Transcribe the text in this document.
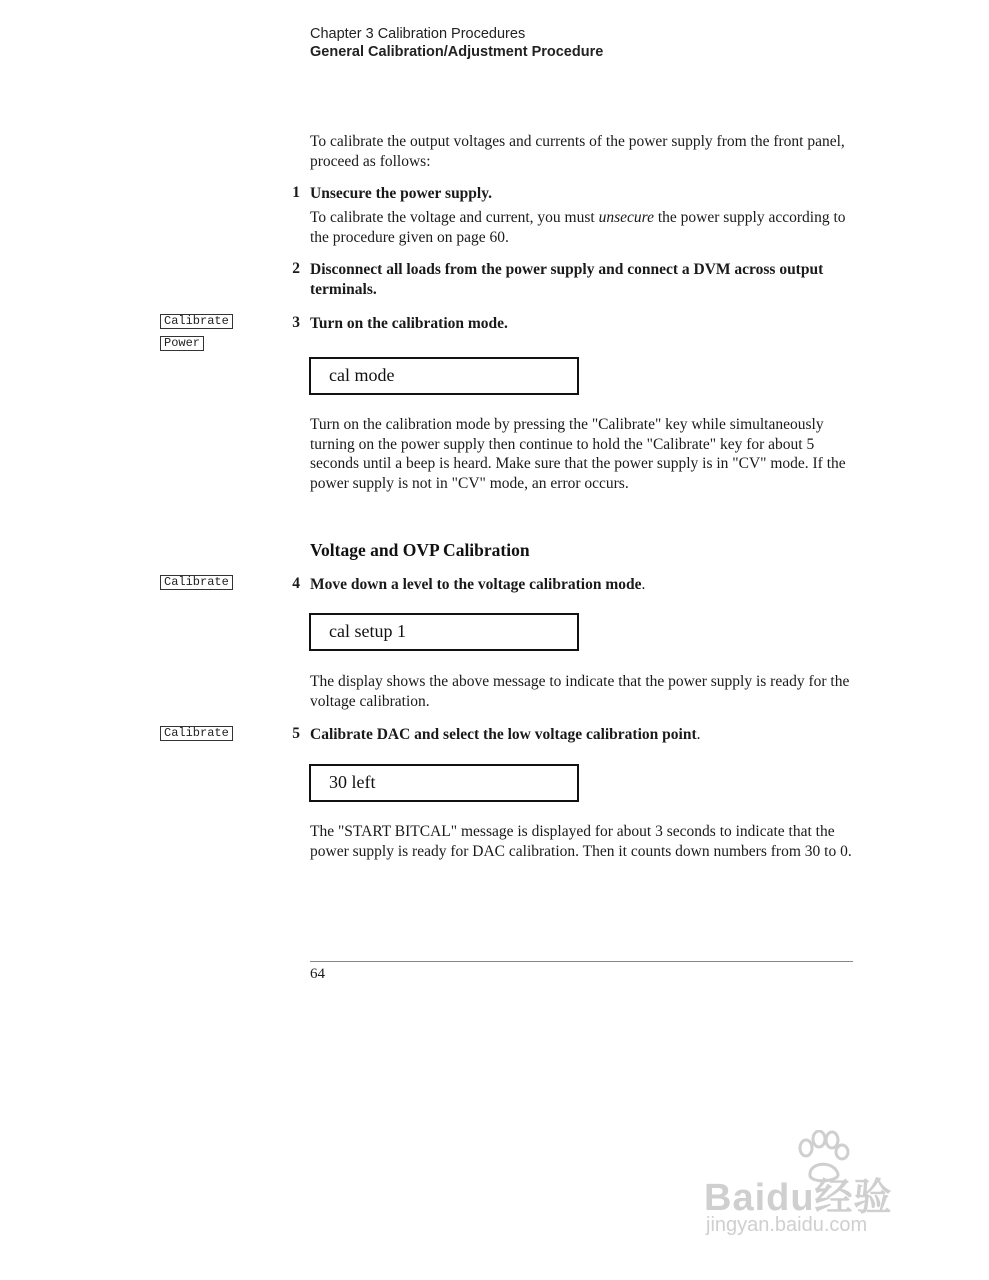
Chapter 3 Calibration Procedures
General Calibration/Adjustment Procedure
To calibrate the output voltages and currents of the power supply from the front panel, proceed as follows:
1 Unsecure the power supply.
To calibrate the voltage and current, you must unsecure the power supply according to the procedure given on page 60.
2 Disconnect all loads from the power supply and connect a DVM across output terminals.
Calibrate
Power
3 Turn on the calibration mode.
cal mode
Turn on the calibration mode by pressing the "Calibrate" key while simultaneously turning on the power supply then continue to hold the "Calibrate" key for about 5 seconds until a beep is heard. Make sure that the power supply is in "CV" mode. If the power supply is not in "CV" mode, an error occurs.
Voltage and OVP Calibration
Calibrate	4 Move down a level to the voltage calibration mode.
cal setup 1
The display shows the above message to indicate that the power supply is ready for the voltage calibration.
Calibrate	5 Calibrate DAC and select the low voltage calibration point.
30 left
The "START BITCAL" message is displayed for about 3 seconds to indicate that the power supply is ready for DAC calibration. Then it counts down numbers from 30 to 0.
64
Baidu经验
jingyan.baidu.com
